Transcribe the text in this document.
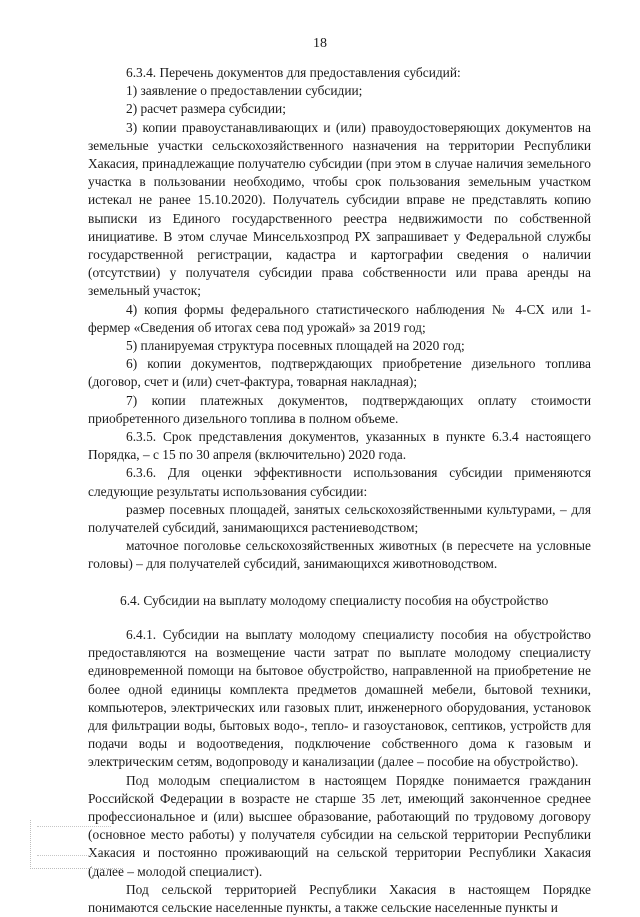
18

6.3.4. Перечень документов для предоставления субсидий:

1) заявление о предоставлении субсидии;

2) расчет размера субсидии;

3) копии правоустанавливающих и (или) правоудостоверяющих документов на земельные участки сельскохозяйственного назначения на территории Республики Хакасия, принадлежащие получателю субсидии (при этом в случае наличия земельного участка в пользовании необходимо, чтобы срок пользования земельным участком истекал не ранее 15.10.2020). Получатель субсидии вправе не представлять копию выписки из Единого государственного реестра недвижимости по собственной инициативе. В этом случае Минсельхозпрод РХ запрашивает у Федеральной службы государственной регистрации, кадастра и картографии сведения о наличии (отсутствии) у получателя субсидии права собственности или права аренды на земельный участок;

4) копия формы федерального статистического наблюдения № 4-СХ или 1-фермер «Сведения об итогах сева под урожай» за 2019 год;

5) планируемая структура посевных площадей на 2020 год;

6) копии документов, подтверждающих приобретение дизельного топлива (договор, счет и (или) счет-фактура, товарная накладная);

7) копии платежных документов, подтверждающих оплату стоимости приобретенного дизельного топлива в полном объеме.

6.3.5. Срок представления документов, указанных в пункте 6.3.4 настоящего Порядка, – с 15 по 30 апреля (включительно) 2020 года.

6.3.6. Для оценки эффективности использования субсидии применяются следующие результаты использования субсидии:

размер посевных площадей, занятых сельскохозяйственными культурами, – для получателей субсидий, занимающихся растениеводством;

маточное поголовье сельскохозяйственных животных (в пересчете на условные головы) – для получателей субсидий, занимающихся животноводством.

6.4. Субсидии на выплату молодому специалисту пособия на обустройство

6.4.1. Субсидии на выплату молодому специалисту пособия на обустройство предоставляются на возмещение части затрат по выплате молодому специалисту единовременной помощи на бытовое обустройство, направленной на приобретение не более одной единицы комплекта предметов домашней мебели, бытовой техники, компьютеров, электрических или газовых плит, инженерного оборудования, установок для фильтрации воды, бытовых водо-, тепло- и газоустановок, септиков, устройств для подачи воды и водоотведения, подключение собственного дома к газовым и электрическим сетям, водопроводу и канализации (далее – пособие на обустройство).

Под молодым специалистом в настоящем Порядке понимается гражданин Российской Федерации в возрасте не старше 35 лет, имеющий законченное среднее профессиональное и (или) высшее образование, работающий по трудовому договору (основное место работы) у получателя субсидии на сельской территории Республики Хакасия и постоянно проживающий на сельской территории Республики Хакасия (далее – молодой специалист).

Под сельской территорией Республики Хакасия в настоящем Порядке понимаются сельские населенные пункты, а также сельские населенные пункты и
